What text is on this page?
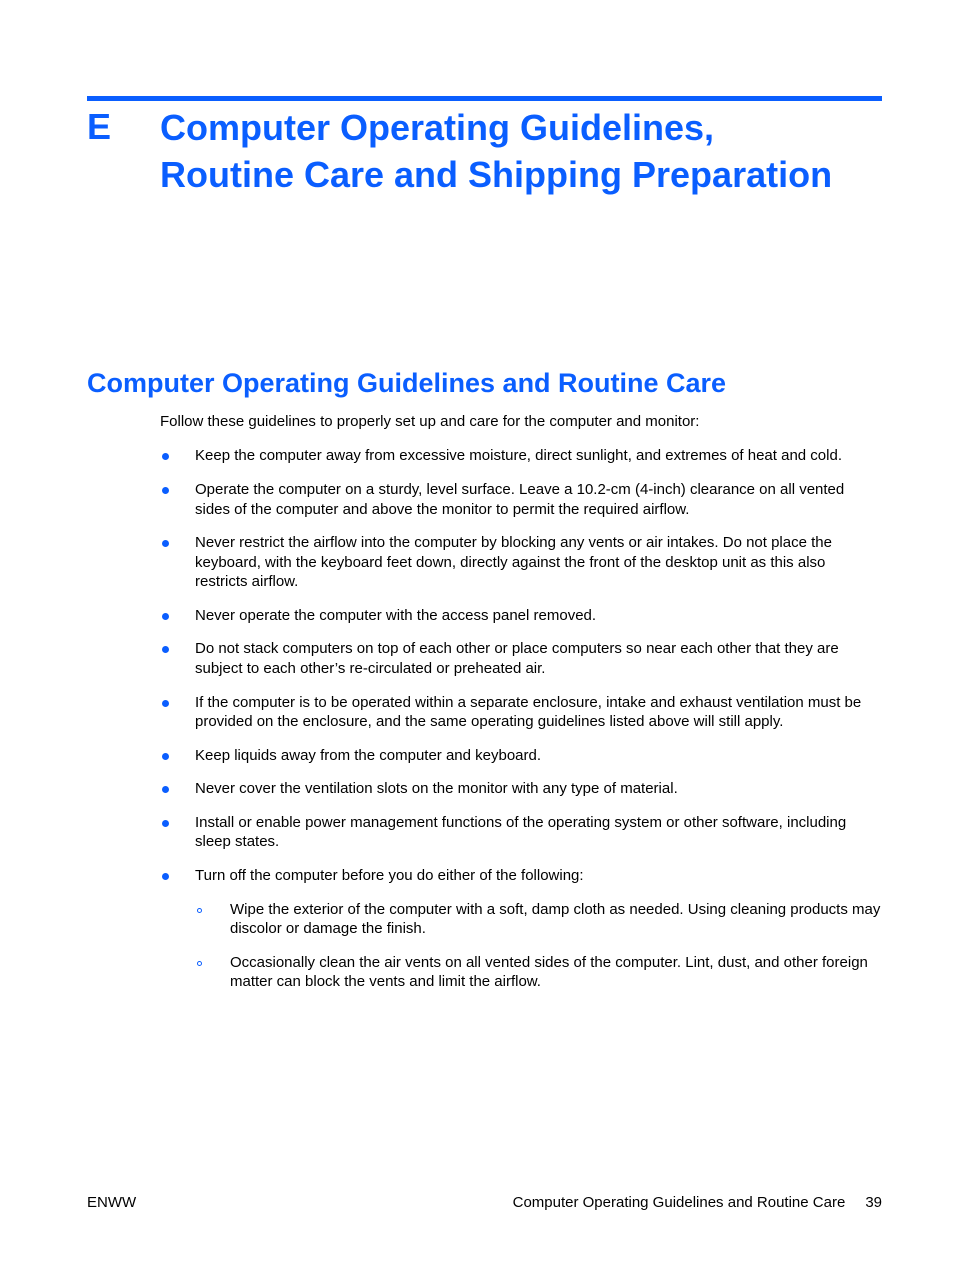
E Computer Operating Guidelines,
Routine Care and Shipping Preparation
Computer Operating Guidelines and Routine Care

Follow these guidelines to properly set up and care for the computer and monitor:

Keep the computer away from excessive moisture, direct sunlight, and extremes of heat and cold.
Operate the computer on a sturdy, level surface. Leave a 10.2-cm (4-inch) clearance on all vented sides of the computer and above the monitor to permit the required airflow.
Never restrict the airflow into the computer by blocking any vents or air intakes. Do not place the keyboard, with the keyboard feet down, directly against the front of the desktop unit as this also restricts airflow.
Never operate the computer with the access panel removed.
Do not stack computers on top of each other or place computers so near each other that they are subject to each other’s re-circulated or preheated air.
If the computer is to be operated within a separate enclosure, intake and exhaust ventilation must be provided on the enclosure, and the same operating guidelines listed above will still apply.
Keep liquids away from the computer and keyboard.
Never cover the ventilation slots on the monitor with any type of material.
Install or enable power management functions of the operating system or other software, including sleep states.
Turn off the computer before you do either of the following:
Wipe the exterior of the computer with a soft, damp cloth as needed. Using cleaning products may discolor or damage the finish.
Occasionally clean the air vents on all vented sides of the computer. Lint, dust, and other foreign matter can block the vents and limit the airflow.
ENWW	Computer Operating Guidelines and Routine Care 39
